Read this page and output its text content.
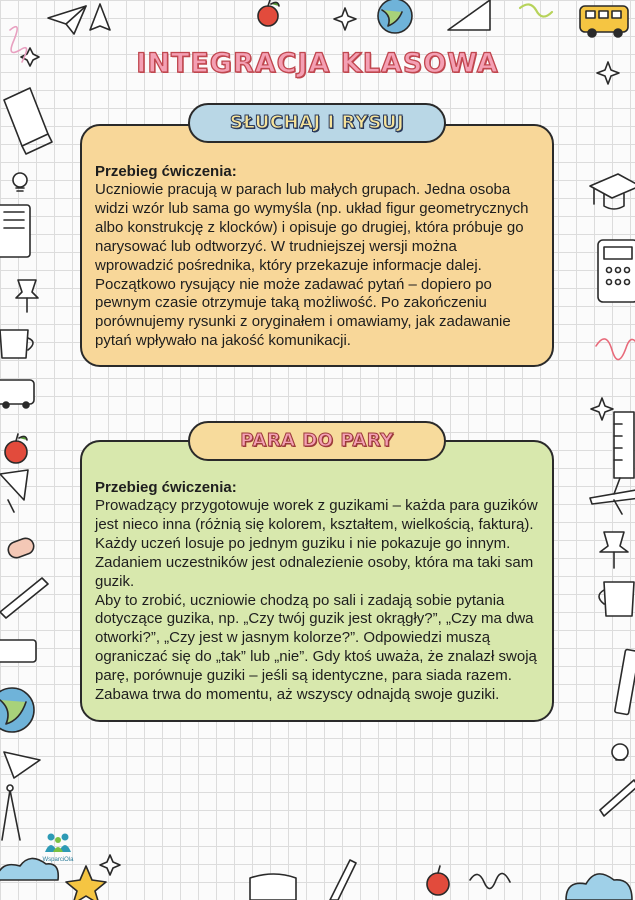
INTEGRACJA KLASOWA

Przebieg ćwiczenia:

Uczniowie pracują w parach lub małych grupach. Jedna osoba widzi wzór lub sama go wymyśla (np. układ figur geometrycznych albo konstrukcję z klocków) i opisuje go drugiej, która próbuje go narysować lub odtworzyć. W trudniejszej wersji można wprowadzić pośrednika, który przekazuje informacje dalej. Początkowo rysujący nie może zadawać pytań – dopiero po pewnym czasie otrzymuje taką możliwość. Po zakończeniu porównujemy rysunki z oryginałem i omawiamy, jak zadawanie pytań wpływało na jakość komunikacji.

SŁUCHAJ I RYSUJ

Przebieg ćwiczenia:

Prowadzący przygotowuje worek z guzikami – każda para guzików jest nieco inna (różnią się kolorem, kształtem, wielkością, fakturą). Każdy uczeń losuje po jednym guziku i nie pokazuje go innym. Zadaniem uczestników jest odnalezienie osoby, która ma taki sam guzik.

Aby to zrobić, uczniowie chodzą po sali i zadają sobie pytania dotyczące guzika, np. „Czy twój guzik jest okrągły?”, „Czy ma dwa otworki?”, „Czy jest w jasnym kolorze?”. Odpowiedzi muszą ograniczać się do „tak” lub „nie”. Gdy ktoś uważa, że znalazł swoją parę, porównuje guziki – jeśli są identyczne, para siada razem. Zabawa trwa do momentu, aż wszyscy odnajdą swoje guziki.

PARA DO PARY
WsparciOla
